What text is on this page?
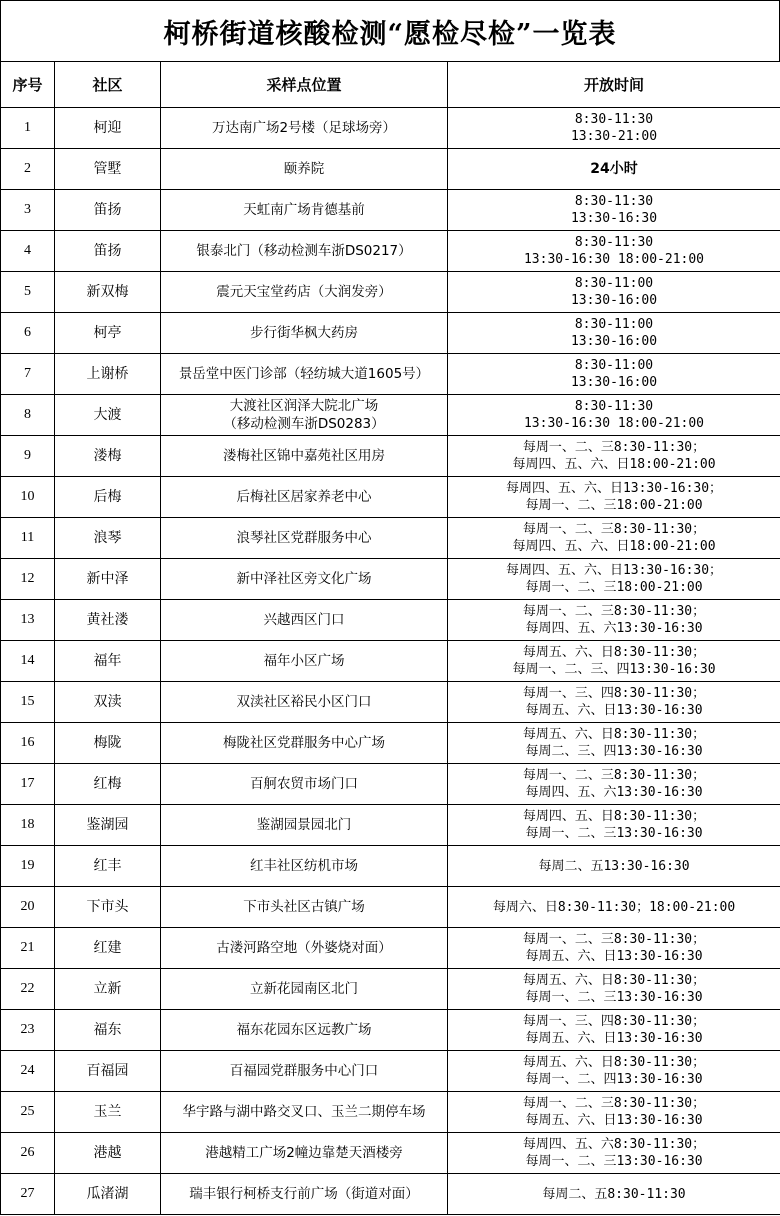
柯桥街道核酸检测“愿检尽检”一览表
序号	社区	采样点位置	开放时间
1	柯迎	万达南广场2号楼（足球场旁）	8:30-11:30
13:30-21:00
2	管墅	颐养院	24小时
3	笛扬	天虹南广场肯德基前	8:30-11:30
13:30-16:30
4	笛扬	银泰北门（移动检测车浙DS0217）	8:30-11:30
13:30-16:30 18:00-21:00
5	新双梅	震元天宝堂药店（大润发旁）	8:30-11:00
13:30-16:00
6	柯亭	步行街华枫大药房	8:30-11:00
13:30-16:00
7	上谢桥	景岳堂中医门诊部（轻纺城大道1605号）	8:30-11:00
13:30-16:00
8	大渡	大渡社区润泽大院北广场
（移动检测车浙DS0283）	8:30-11:30
13:30-16:30 18:00-21:00
9	溇梅	溇梅社区锦中嘉苑社区用房	每周一、二、三8:30-11:30；
每周四、五、六、日18:00-21:00
10	后梅	后梅社区居家养老中心	每周四、五、六、日13:30-16:30；
每周一、二、三18:00-21:00
11	浪琴	浪琴社区党群服务中心	每周一、二、三8:30-11:30；
每周四、五、六、日18:00-21:00
12	新中泽	新中泽社区旁文化广场	每周四、五、六、日13:30-16:30；
每周一、二、三18:00-21:00
13	黄社溇	兴越西区门口	每周一、二、三8:30-11:30；
每周四、五、六13:30-16:30
14	福年	福年小区广场	每周五、六、日8:30-11:30；
每周一、二、三、四13:30-16:30
15	双渎	双渎社区裕民小区门口	每周一、三、四8:30-11:30；
每周五、六、日13:30-16:30
16	梅陇	梅陇社区党群服务中心广场	每周五、六、日8:30-11:30；
每周二、三、四13:30-16:30
17	红梅	百舸农贸市场门口	每周一、二、三8:30-11:30；
每周四、五、六13:30-16:30
18	鉴湖园	鉴湖园景园北门	每周四、五、日8:30-11:30；
每周一、二、三13:30-16:30
19	红丰	红丰社区纺机市场	每周二、五13:30-16:30
20	下市头	下市头社区古镇广场	每周六、日8:30-11:30；18:00-21:00
21	红建	古溇河路空地（外婆烧对面）	每周一、二、三8:30-11:30；
每周五、六、日13:30-16:30
22	立新	立新花园南区北门	每周五、六、日8:30-11:30；
每周一、二、三13:30-16:30
23	福东	福东花园东区远教广场	每周一、三、四8:30-11:30；
每周五、六、日13:30-16:30
24	百福园	百福园党群服务中心门口	每周五、六、日8:30-11:30；
每周一、二、四13:30-16:30
25	玉兰	华宇路与湖中路交叉口、玉兰二期停车场	每周一、二、三8:30-11:30；
每周五、六、日13:30-16:30
26	港越	港越精工广场2幢边靠楚天酒楼旁	每周四、五、六8:30-11:30；
每周一、二、三13:30-16:30
27	瓜渚湖	瑞丰银行柯桥支行前广场（街道对面）	每周二、五8:30-11:30
